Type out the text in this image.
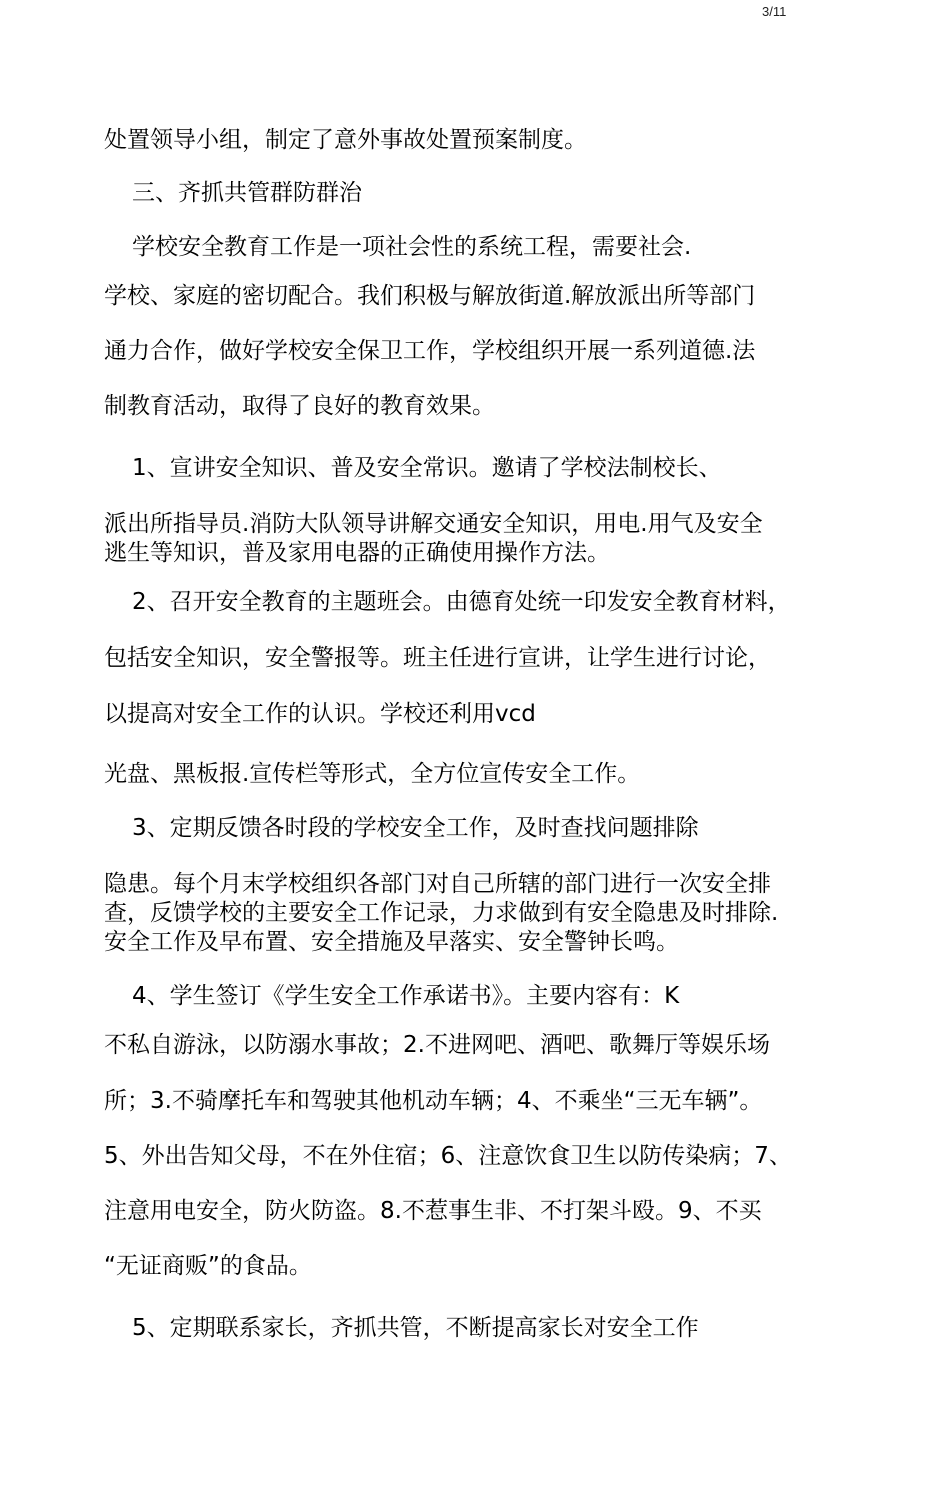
3/11
处置领导小组，制定了意外事故处置预案制度。
三、齐抓共管群防群治
学校安全教育工作是一项社会性的系统工程，需要社会.
学校、家庭的密切配合。我们积极与解放街道.解放派出所等部门
通力合作，做好学校安全保卫工作，学校组织开展一系列道德.法
制教育活动，取得了良好的教育效果。
1、宣讲安全知识、普及安全常识。邀请了学校法制校长、
派出所指导员.消防大队领导讲解交通安全知识，用电.用气及安全
逃生等知识，普及家用电器的正确使用操作方法。
2、召开安全教育的主题班会。由德育处统一印发安全教育材料，
包括安全知识，安全警报等。班主任进行宣讲，让学生进行讨论，
以提高对安全工作的认识。学校还利用vcd
光盘、黑板报.宣传栏等形式，全方位宣传安全工作。
3、定期反馈各时段的学校安全工作，及时查找问题排除
隐患。每个月末学校组织各部门对自己所辖的部门进行一次安全排
查，反馈学校的主要安全工作记录，力求做到有安全隐患及时排除.
安全工作及早布置、安全措施及早落实、安全警钟长鸣。
4、学生签订《学生安全工作承诺书》。主要内容有：K
不私自游泳，以防溺水事故；2.不进网吧、酒吧、歌舞厅等娱乐场
所；3.不骑摩托车和驾驶其他机动车辆；4、不乘坐“三无车辆”。
5、外出告知父母，不在外住宿；6、注意饮食卫生以防传染病；7、
注意用电安全，防火防盗。8.不惹事生非、不打架斗殴。9、不买
“无证商贩”的食品。
5、定期联系家长，齐抓共管，不断提高家长对安全工作
